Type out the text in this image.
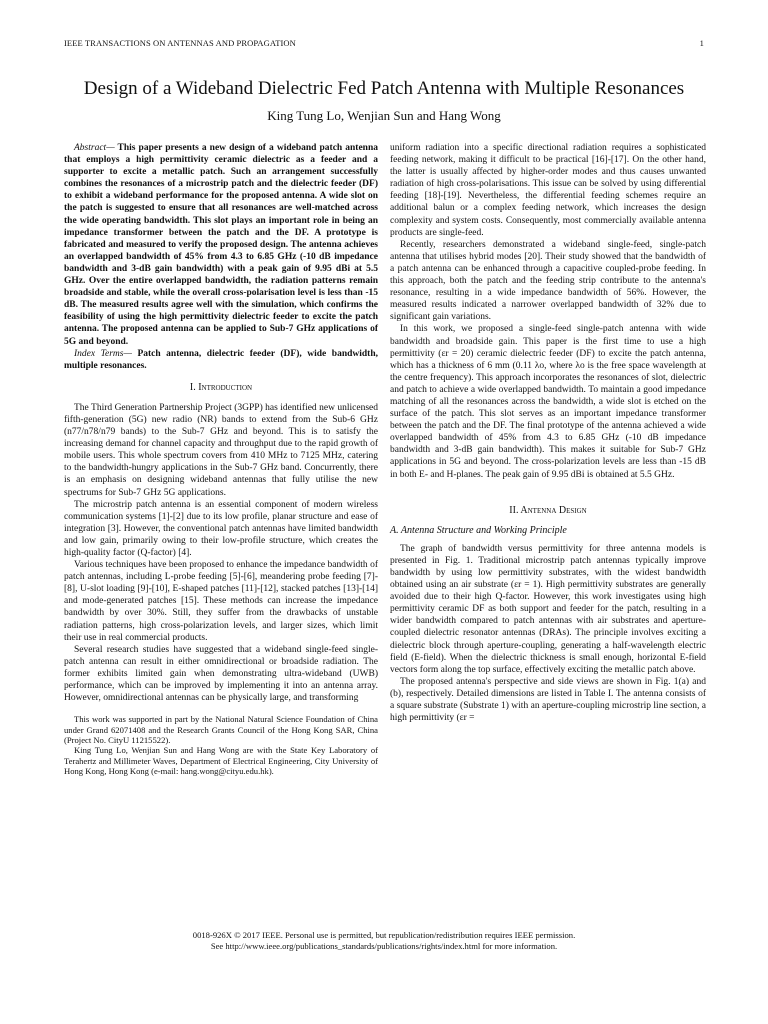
IEEE TRANSACTIONS ON ANTENNAS AND PROPAGATION	1
Design of a Wideband Dielectric Fed Patch Antenna with Multiple Resonances
King Tung Lo, Wenjian Sun and Hang Wong

Abstract— This paper presents a new design of a wideband patch antenna that employs a high permittivity ceramic dielectric as a feeder and a supporter to excite a metallic patch. Such an arrangement successfully combines the resonances of a microstrip patch and the dielectric feeder (DF) to exhibit a wideband performance for the proposed antenna. A wide slot on the patch is suggested to ensure that all resonances are well-matched across the wide operating bandwidth. This slot plays an important role in being an impedance transformer between the patch and the DF. A prototype is fabricated and measured to verify the proposed design. The antenna achieves an overlapped bandwidth of 45% from 4.3 to 6.85 GHz (-10 dB impedance bandwidth and 3-dB gain bandwidth) with a peak gain of 9.95 dBi at 5.5 GHz. Over the entire overlapped bandwidth, the radiation patterns remain broadside and stable, while the overall cross-polarisation level is less than -15 dB. The measured results agree well with the simulation, which confirms the feasibility of using the high permittivity dielectric feeder to excite the patch antenna. The proposed antenna can be applied to Sub-7 GHz applications of 5G and beyond.

Index Terms— Patch antenna, dielectric feeder (DF), wide bandwidth, multiple resonances.

I. Introduction

The Third Generation Partnership Project (3GPP) has identified new unlicensed fifth-generation (5G) new radio (NR) bands to extend from the Sub-6 GHz (n77/n78/n79 bands) to the Sub-7 GHz and beyond. This is to satisfy the increasing demand for channel capacity and throughput due to the rapid growth of mobile users. This whole spectrum covers from 410 MHz to 7125 MHz, catering to the bandwidth-hungry applications in the Sub-7 GHz band. Concurrently, there is an emphasis on designing wideband antennas that fully utilise the new spectrums for Sub-7 GHz 5G applications.

The microstrip patch antenna is an essential component of modern wireless communication systems [1]-[2] due to its low profile, planar structure and ease of integration [3]. However, the conventional patch antennas have limited bandwidth and low gain, primarily owing to their low-profile structure, which creates the high-quality factor (Q-factor) [4].

Various techniques have been proposed to enhance the impedance bandwidth of patch antennas, including L-probe feeding [5]-[6], meandering probe feeding [7]-[8], U-slot loading [9]-[10], E-shaped patches [11]-[12], stacked patches [13]-[14] and mode-generated patches [15]. These methods can increase the impedance bandwidth by over 30%. Still, they suffer from the drawbacks of unstable radiation patterns, high cross-polarization levels, and larger sizes, which limit their use in real commercial products.

Several research studies have suggested that a wideband single-feed single-patch antenna can result in either omnidirectional or broadside radiation. The former exhibits limited gain when demonstrating ultra-wideband (UWB) performance, which can be improved by implementing it into an antenna array. However, omnidirectional antennas can be physically large, and transforming

This work was supported in part by the National Natural Science Foundation of China under Grand 62071408 and the Research Grants Council of the Hong Kong SAR, China (Project No. CityU 11215522).

King Tung Lo, Wenjian Sun and Hang Wong are with the State Key Laboratory of Terahertz and Millimeter Waves, Department of Electrical Engineering, City University of Hong Kong, Hong Kong (e-mail: hang.wong@cityu.edu.hk).

uniform radiation into a specific directional radiation requires a sophisticated feeding network, making it difficult to be practical [16]-[17]. On the other hand, the latter is usually affected by higher-order modes and thus causes unwanted radiation of high cross-polarisations. This issue can be solved by using differential feeding [18]-[19]. Nevertheless, the differential feeding schemes require an additional balun or a complex feeding network, which increases the design complexity and system costs. Consequently, most commercially available antenna products are single-feed.

Recently, researchers demonstrated a wideband single-feed, single-patch antenna that utilises hybrid modes [20]. Their study showed that the bandwidth of a patch antenna can be enhanced through a capacitive coupled-probe feeding. In this approach, both the patch and the feeding strip contribute to the antenna's resonance, resulting in a wide impedance bandwidth of 56%. However, the measured results indicated a narrower overlapped bandwidth of 32% due to significant gain variations.

In this work, we proposed a single-feed single-patch antenna with wide bandwidth and broadside gain. This paper is the first time to use a high permittivity (εr = 20) ceramic dielectric feeder (DF) to excite the patch antenna, which has a thickness of 6 mm (0.11 λo, where λo is the free space wavelength at the centre frequency). This approach incorporates the resonances of slot, dielectric and patch to achieve a wide overlapped bandwidth. To maintain a good impedance matching of all the resonances across the bandwidth, a wide slot is etched on the surface of the patch. This slot serves as an important impedance transformer between the patch and the DF. The final prototype of the antenna achieved a wide overlapped bandwidth of 45% from 4.3 to 6.85 GHz (-10 dB impedance bandwidth and 3-dB gain bandwidth). This makes it suitable for Sub-7 GHz applications in 5G and beyond. The cross-polarization levels are less than -15 dB in both E- and H-planes. The peak gain of 9.95 dBi is obtained at 5.5 GHz.

II. Antenna Design
A. Antenna Structure and Working Principle

The graph of bandwidth versus permittivity for three antenna models is presented in Fig. 1. Traditional microstrip patch antennas typically improve bandwidth by using low permittivity substrates, with the widest bandwidth obtained using an air substrate (εr = 1). High permittivity substrates are generally avoided due to their high Q-factor. However, this work investigates using high permittivity ceramic DF as both support and feeder for the patch, resulting in a wider bandwidth compared to patch antennas with air substrates and aperture-coupled dielectric resonator antennas (DRAs). The principle involves exciting a dielectric block through aperture-coupling, generating a half-wavelength electric field (E-field). When the dielectric thickness is small enough, horizontal E-field vectors form along the top surface, effectively exciting the metallic patch above.

The proposed antenna's perspective and side views are shown in Fig. 1(a) and (b), respectively. Detailed dimensions are listed in Table I. The antenna consists of a square substrate (Substrate 1) with an aperture-coupling microstrip line section, a high permittivity (εr =

0018-926X © 2017 IEEE. Personal use is permitted, but republication/redistribution requires IEEE permission.
See http://www.ieee.org/publications_standards/publications/rights/index.html for more information.
